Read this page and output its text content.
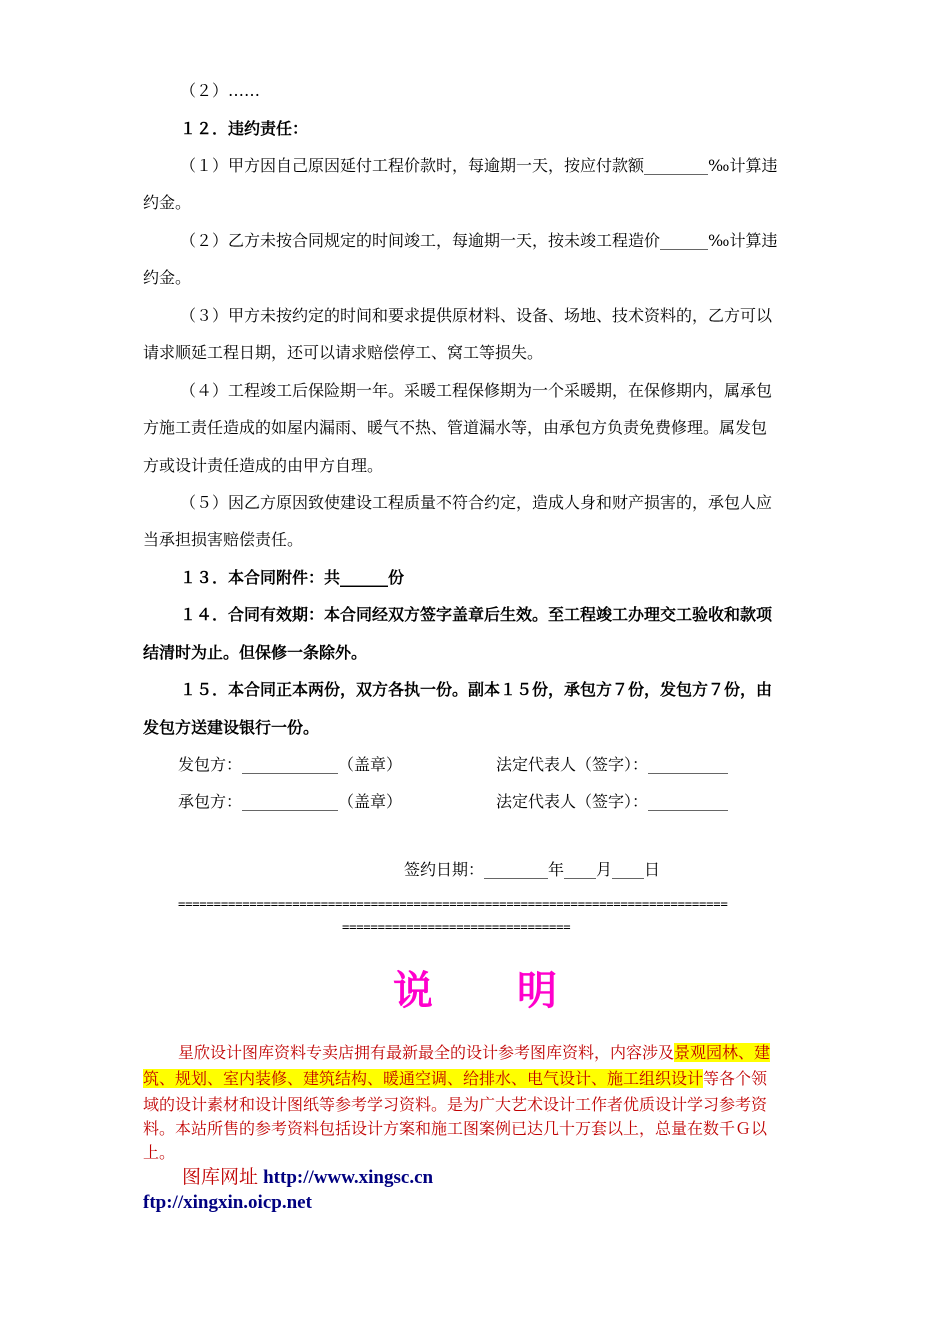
（２）……
１２．违约责任：
（１）甲方因自己原因延付工程价款时，每逾期一天，按应付款额________‰计算违
约金。
（２）乙方未按合同规定的时间竣工，每逾期一天，按未竣工程造价______‰计算违
约金。
（３）甲方未按约定的时间和要求提供原材料、设备、场地、技术资料的，乙方可以
请求顺延工程日期，还可以请求赔偿停工、窝工等损失。
（４）工程竣工后保险期一年。采暖工程保修期为一个采暖期，在保修期内，属承包
方施工责任造成的如屋内漏雨、暖气不热、管道漏水等，由承包方负责免费修理。属发包
方或设计责任造成的由甲方自理。
（５）因乙方原因致使建设工程质量不符合约定，造成人身和财产损害的，承包人应
当承担损害赔偿责任。
１３．本合同附件：共______份
１４．合同有效期：本合同经双方签字盖章后生效。至工程竣工办理交工验收和款项
结清时为止。但保修一条除外。
１５．本合同正本两份，双方各执一份。副本１５份，承包方７份，发包方７份，由
发包方送建设银行一份。
发包方：____________（盖章）	法定代表人（签字）：__________
承包方：____________（盖章）	法定代表人（签字）：__________
签约日期：________年____月____日
=============================================================================
================================
说 明
星欣设计图库资料专卖店拥有最新最全的设计参考图库资料，内容涉及景观园林、建
筑、规划、室内装修、建筑结构、暖通空调、给排水、电气设计、施工组织设计等各个领
域的设计素材和设计图纸等参考学习资料。是为广大艺术设计工作者优质设计学习参考资
料。本站所售的参考资料包括设计方案和施工图案例已达几十万套以上，总量在数千Ｇ以
上。
图库网址 http://www.xingsc.cn
ftp://xingxin.oicp.net
